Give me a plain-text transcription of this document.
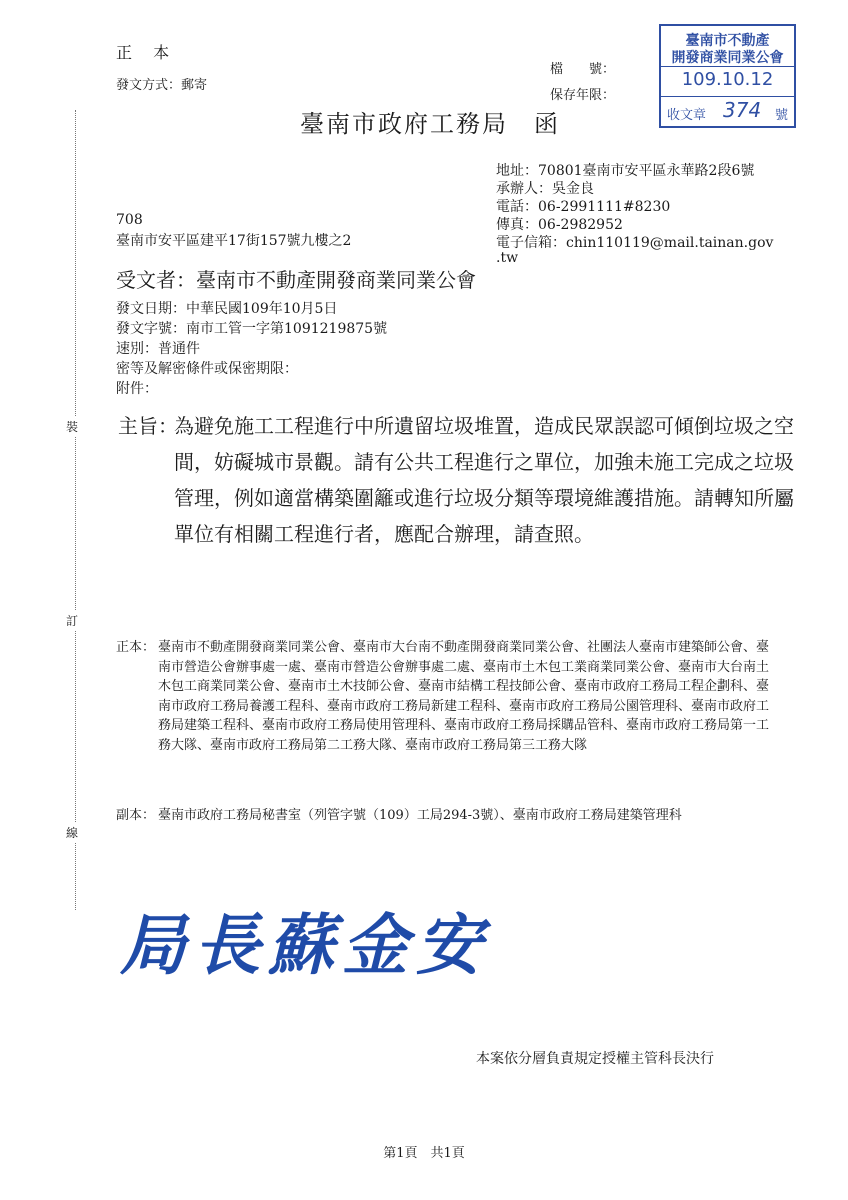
裝
訂
線
正 本
發文方式：郵寄
檔　　號：
保存年限：
臺南市不動產
開發商業同業公會
109.10.12
收文章 374 號
臺南市政府工務局　函
地址：70801臺南市安平區永華路2段6號
承辦人：吳金良
電話：06-2991111#8230
傳真：06-2982952
電子信箱：chin110119@mail.tainan.gov
.tw
708
臺南市安平區建平17街157號九樓之2
受文者：臺南市不動產開發商業同業公會
發文日期：中華民國109年10月5日
發文字號：南市工管一字第1091219875號
速別：普通件
密等及解密條件或保密期限：
附件：
主旨：
為避免施工工程進行中所遺留垃圾堆置，造成民眾誤認可傾倒垃圾之空間，妨礙城市景觀。請有公共工程進行之單位，加強未施工完成之垃圾管理，例如適當構築圍籬或進行垃圾分類等環境維護措施。請轉知所屬單位有相關工程進行者，應配合辦理，請查照。
正本： 臺南市不動產開發商業同業公會、臺南市大台南不動產開發商業同業公會、社團法人臺南市建築師公會、臺南市營造公會辦事處一處、臺南市營造公會辦事處二處、臺南市土木包工業商業同業公會、臺南市大台南土木包工商業同業公會、臺南市土木技師公會、臺南市結構工程技師公會、臺南市政府工務局工程企劃科、臺南市政府工務局養護工程科、臺南市政府工務局新建工程科、臺南市政府工務局公園管理科、臺南市政府工務局建築工程科、臺南市政府工務局使用管理科、臺南市政府工務局採購品管科、臺南市政府工務局第一工務大隊、臺南市政府工務局第二工務大隊、臺南市政府工務局第三工務大隊
副本： 臺南市政府工務局秘書室（列管字號（109）工局294-3號）、臺南市政府工務局建築管理科
局長蘇金安
本案依分層負責規定授權主管科長決行
第1頁　共1頁
